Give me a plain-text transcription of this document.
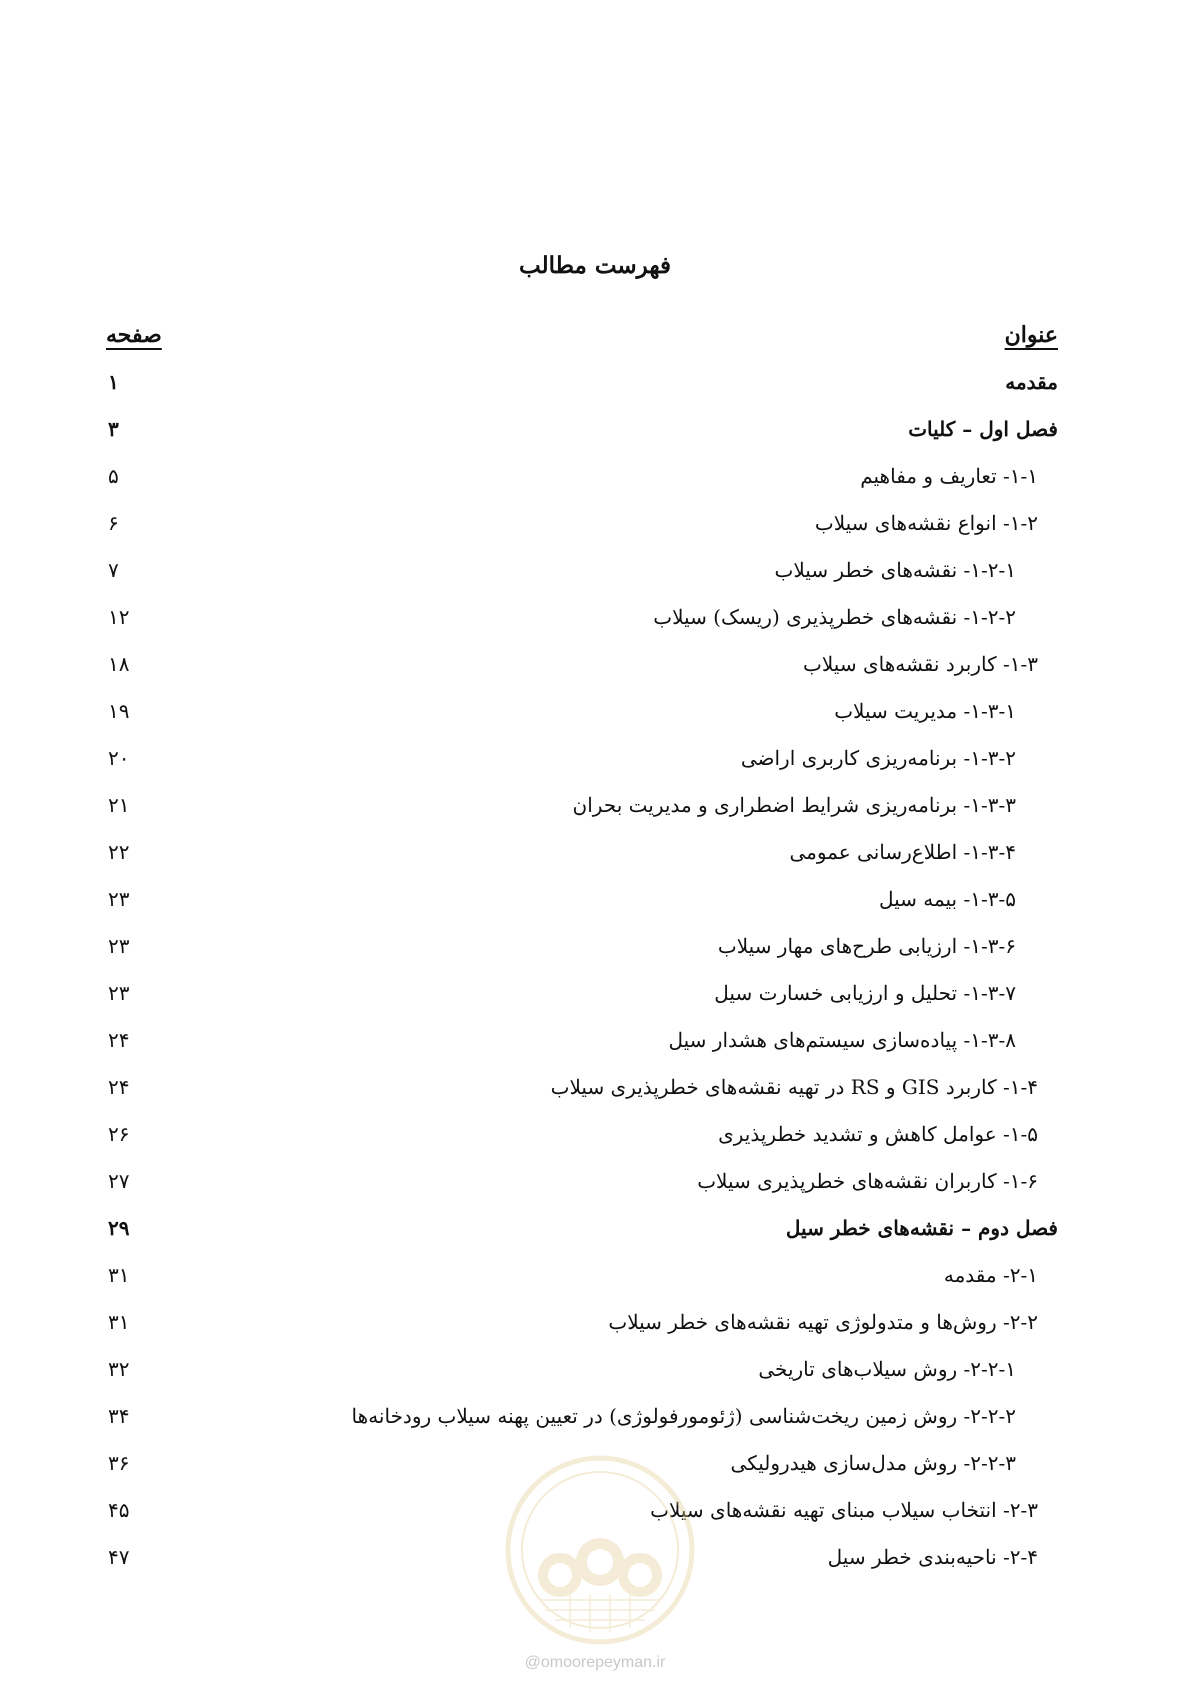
فهرست مطالب
عنوان
صفحه
مقدمه
۱
فصل اول – کلیات
۳
۱-۱- تعاریف و مفاهیم
۵
۱-۲- انواع نقشه‌های سیلاب
۶
۱-۲-۱- نقشه‌های خطر سیلاب
۷
۱-۲-۲- نقشه‌های خطرپذیری (ریسک) سیلاب
۱۲
۱-۳- کاربرد نقشه‌های سیلاب
۱۸
۱-۳-۱- مدیریت سیلاب
۱۹
۱-۳-۲- برنامه‌ریزی کاربری اراضی
۲۰
۱-۳-۳- برنامه‌ریزی شرایط اضطراری و مدیریت بحران
۲۱
۱-۳-۴- اطلاع‌رسانی عمومی
۲۲
۱-۳-۵- بیمه سیل
۲۳
۱-۳-۶- ارزیابی طرح‌های مهار سیلاب
۲۳
۱-۳-۷- تحلیل و ارزیابی خسارت سیل
۲۳
۱-۳-۸- پیاده‌سازی سیستم‌های هشدار سیل
۲۴
۱-۴- کاربرد GIS و RS در تهیه نقشه‌های خطرپذیری سیلاب
۲۴
۱-۵- عوامل کاهش و تشدید خطرپذیری
۲۶
۱-۶- کاربران نقشه‌های خطرپذیری سیلاب
۲۷
فصل دوم – نقشه‌های خطر سیل
۲۹
۲-۱- مقدمه
۳۱
۲-۲- روش‌ها و متدولوژی تهیه نقشه‌های خطر سیلاب
۳۱
۲-۲-۱- روش سیلاب‌های تاریخی
۳۲
۲-۲-۲- روش زمین ریخت‌شناسی (ژئومورفولوژی) در تعیین پهنه سیلاب رودخانه‌ها
۳۴
۲-۲-۳- روش مدل‌سازی هیدرولیکی
۳۶
۲-۳- انتخاب سیلاب مبنای تهیه نقشه‌های سیلاب
۴۵
۲-۴- ناحیه‌بندی خطر سیل
۴۷
@omoorepeyman.ir
